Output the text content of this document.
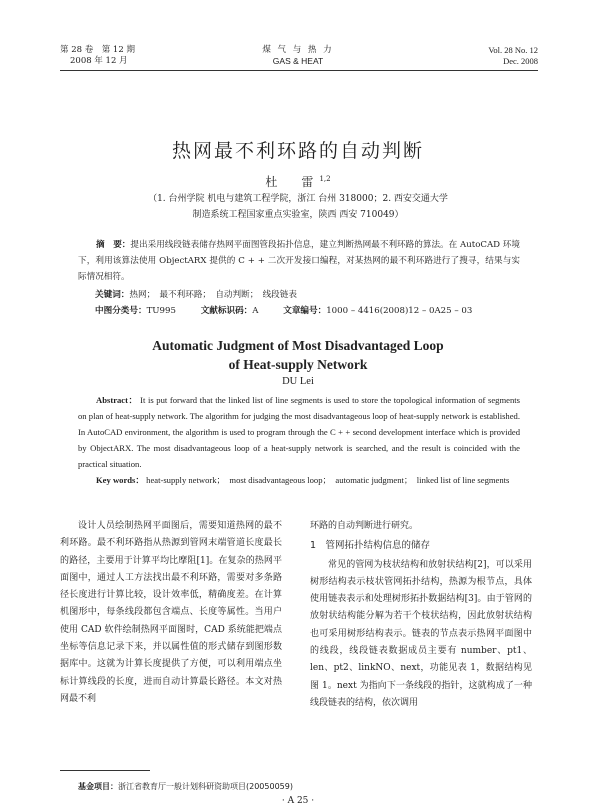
第 28 卷　第 12 期
2008 年 12 月
煤 气 与 热 力
GAS & HEAT
Vol. 28 No. 12
Dec. 2008
热网最不利环路的自动判断
杜　雷$^{1,2}$
（1. 台州学院 机电与建筑工程学院，浙江 台州 318000；2. 西安交通大学
制造系统工程国家重点实验室，陕西 西安 710049）
摘　要：提出采用线段链表储存热网平面图管段拓扑信息，建立判断热网最不利环路的算法。在 AutoCAD 环境下，利用该算法使用 ObjectARX 提供的 C + + 二次开发接口编程，对某热网的最不利环路进行了搜寻，结果与实际情况相符。
关键词：热网；　最不利环路；　自动判断；　线段链表
中图分类号：TU995	文献标识码：A	文章编号：1000 – 4416(2008)12 – 0A25 – 03
Automatic Judgment of Most Disadvantaged Loop
of Heat-supply Network
DU Lei
Abstract： It is put forward that the linked list of line segments is used to store the topological information of segments on plan of heat-supply network. The algorithm for judging the most disadvantageous loop of heat-supply network is established. In AutoCAD environment, the algorithm is used to program through the C + + second development interface which is provided by ObjectARX. The most disadvantageous loop of a heat-supply network is searched, and the result is coincided with the practical situation.
Key words： heat-supply network；　most disadvantageous loop；　automatic judgment；　linked list of line segments

设计人员绘制热网平面图后，需要知道热网的最不利环路。最不利环路指从热源到管网末端管道长度最长的路径，主要用于计算平均比摩阻[1]。在复杂的热网平面图中，通过人工方法找出最不利环路，需要对多条路径长度进行计算比较，设计效率低，精确度差。在计算机图形中，每条线段都包含端点、长度等属性。当用户使用 CAD 软件绘制热网平面图时，CAD 系统能把端点坐标等信息记录下来，并以属性值的形式储存到图形数据库中。这就为计算长度提供了方便，可以利用端点坐标计算线段的长度，进而自动计算最长路径。本文对热网最不利

环路的自动判断进行研究。
1　管网拓扑结构信息的储存

常见的管网为枝状结构和放射状结构[2]，可以采用树形结构表示枝状管网拓扑结构，热源为根节点，具体使用链表表示和处理树形拓扑数据结构[3]。由于管网的放射状结构能分解为若干个枝状结构，因此放射状结构也可采用树形结构表示。链表的节点表示热网平面图中的线段，线段链表数据成员主要有 number、pt1、len、pt2、linkNO、next，功能见表 1，数据结构见图 1。next 为指向下一条线段的指针，这就构成了一种线段链表的结构，依次调用

基金项目：浙江省教育厅一般计划科研资助项目(20050059)
· A 25 ·
